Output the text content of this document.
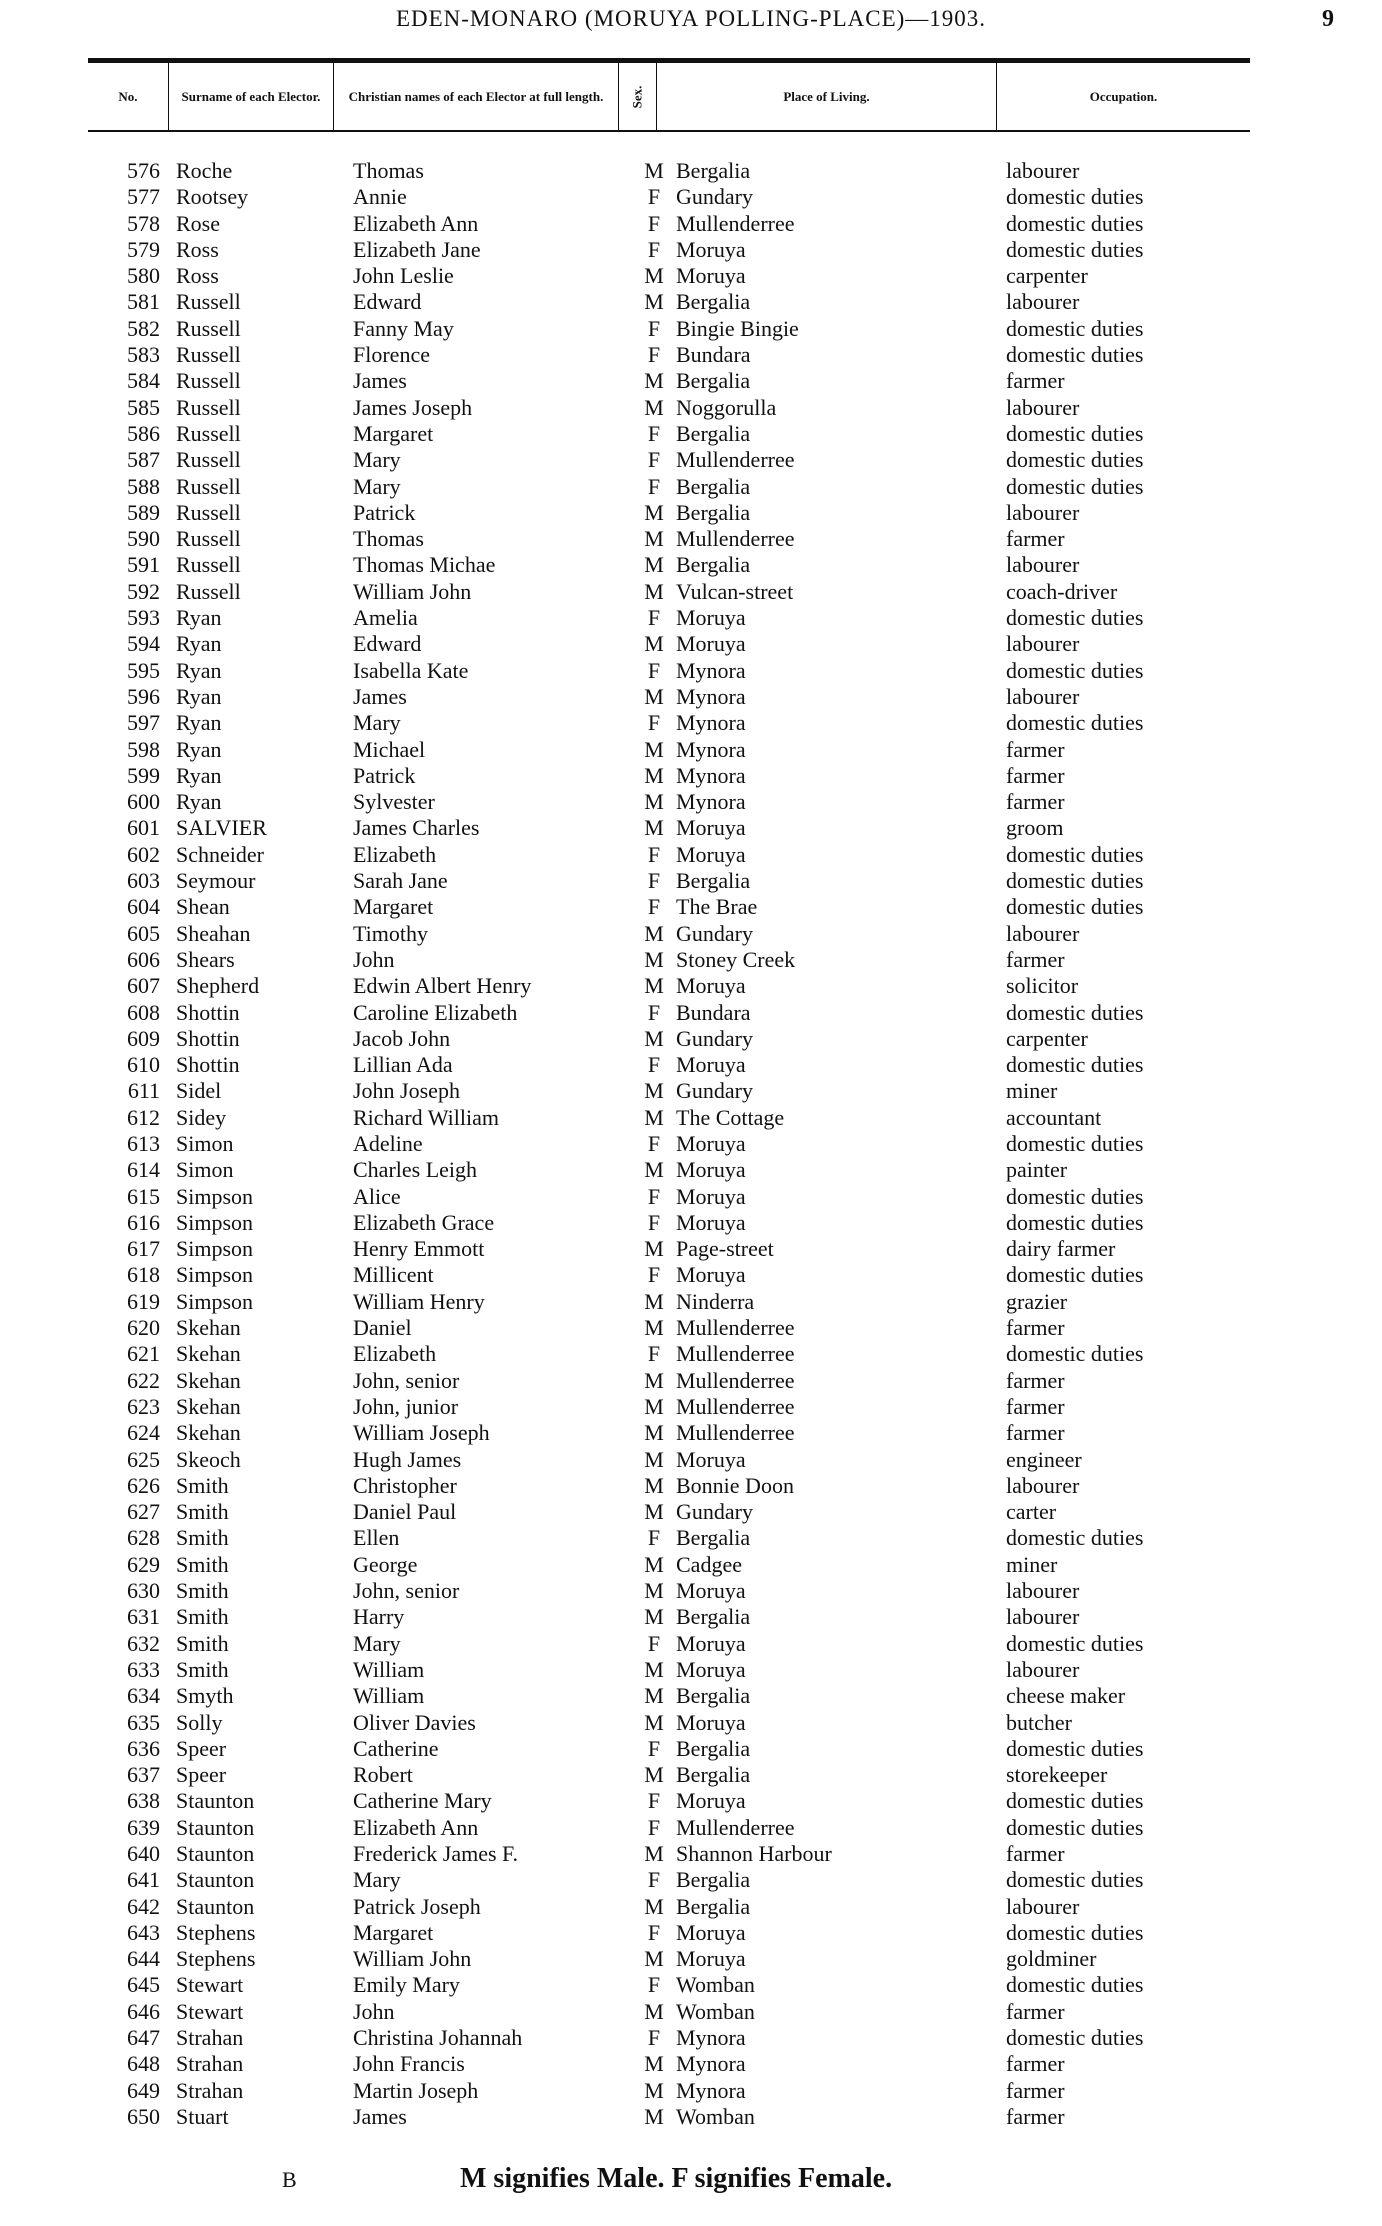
EDEN-MONARO (MORUYA POLLING-PLACE)—1903.	9
No.	Surname of each Elector.	Christian names of each Elector at full length.	Sex.	Place of Living.	Occupation.
576 Roche	Thomas	M Bergalia	labourer
577 Rootsey	Annie	F Gundary	domestic duties
578 Rose	Elizabeth Ann	F Mullenderree	domestic duties
579 Ross	Elizabeth Jane	F Moruya	domestic duties
580 Ross	John Leslie	M Moruya	carpenter
581 Russell	Edward	M Bergalia	labourer
582 Russell	Fanny May	F Bingie Bingie	domestic duties
583 Russell	Florence	F Bundara	domestic duties
584 Russell	James	M Bergalia	farmer
585 Russell	James Joseph	M Noggorulla	labourer
586 Russell	Margaret	F Bergalia	domestic duties
587 Russell	Mary	F Mullenderree	domestic duties
588 Russell	Mary	F Bergalia	domestic duties
589 Russell	Patrick	M Bergalia	labourer
590 Russell	Thomas	M Mullenderree	farmer
591 Russell	Thomas Michae	M Bergalia	labourer
592 Russell	William John	M Vulcan-street	coach-driver
593 Ryan	Amelia	F Moruya	domestic duties
594 Ryan	Edward	M Moruya	labourer
595 Ryan	Isabella Kate	F Mynora	domestic duties
596 Ryan	James	M Mynora	labourer
597 Ryan	Mary	F Mynora	domestic duties
598 Ryan	Michael	M Mynora	farmer
599 Ryan	Patrick	M Mynora	farmer
600 Ryan	Sylvester	M Mynora	farmer
601 SALVIER	James Charles	M Moruya	groom
602 Schneider	Elizabeth	F Moruya	domestic duties
603 Seymour	Sarah Jane	F Bergalia	domestic duties
604 Shean	Margaret	F The Brae	domestic duties
605 Sheahan	Timothy	M Gundary	labourer
606 Shears	John	M Stoney Creek	farmer
607 Shepherd	Edwin Albert Henry	M Moruya	solicitor
608 Shottin	Caroline Elizabeth	F Bundara	domestic duties
609 Shottin	Jacob John	M Gundary	carpenter
610 Shottin	Lillian Ada	F Moruya	domestic duties
611 Sidel	John Joseph	M Gundary	miner
612 Sidey	Richard William	M The Cottage	accountant
613 Simon	Adeline	F Moruya	domestic duties
614 Simon	Charles Leigh	M Moruya	painter
615 Simpson	Alice	F Moruya	domestic duties
616 Simpson	Elizabeth Grace	F Moruya	domestic duties
617 Simpson	Henry Emmott	M Page-street	dairy farmer
618 Simpson	Millicent	F Moruya	domestic duties
619 Simpson	William Henry	M Ninderra	grazier
620 Skehan	Daniel	M Mullenderree	farmer
621 Skehan	Elizabeth	F Mullenderree	domestic duties
622 Skehan	John, senior	M Mullenderree	farmer
623 Skehan	John, junior	M Mullenderree	farmer
624 Skehan	William Joseph	M Mullenderree	farmer
625 Skeoch	Hugh James	M Moruya	engineer
626 Smith	Christopher	M Bonnie Doon	labourer
627 Smith	Daniel Paul	M Gundary	carter
628 Smith	Ellen	F Bergalia	domestic duties
629 Smith	George	M Cadgee	miner
630 Smith	John, senior	M Moruya	labourer
631 Smith	Harry	M Bergalia	labourer
632 Smith	Mary	F Moruya	domestic duties
633 Smith	William	M Moruya	labourer
634 Smyth	William	M Bergalia	cheese maker
635 Solly	Oliver Davies	M Moruya	butcher
636 Speer	Catherine	F Bergalia	domestic duties
637 Speer	Robert	M Bergalia	storekeeper
638 Staunton	Catherine Mary	F Moruya	domestic duties
639 Staunton	Elizabeth Ann	F Mullenderree	domestic duties
640 Staunton	Frederick James F.	M Shannon Harbour	farmer
641 Staunton	Mary	F Bergalia	domestic duties
642 Staunton	Patrick Joseph	M Bergalia	labourer
643 Stephens	Margaret	F Moruya	domestic duties
644 Stephens	William John	M Moruya	goldminer
645 Stewart	Emily Mary	F Womban	domestic duties
646 Stewart	John	M Womban	farmer
647 Strahan	Christina Johannah	F Mynora	domestic duties
648 Strahan	John Francis	M Mynora	farmer
649 Strahan	Martin Joseph	M Mynora	farmer
650 Stuart	James	M Womban	farmer
B	M signifies Male. F signifies Female.
